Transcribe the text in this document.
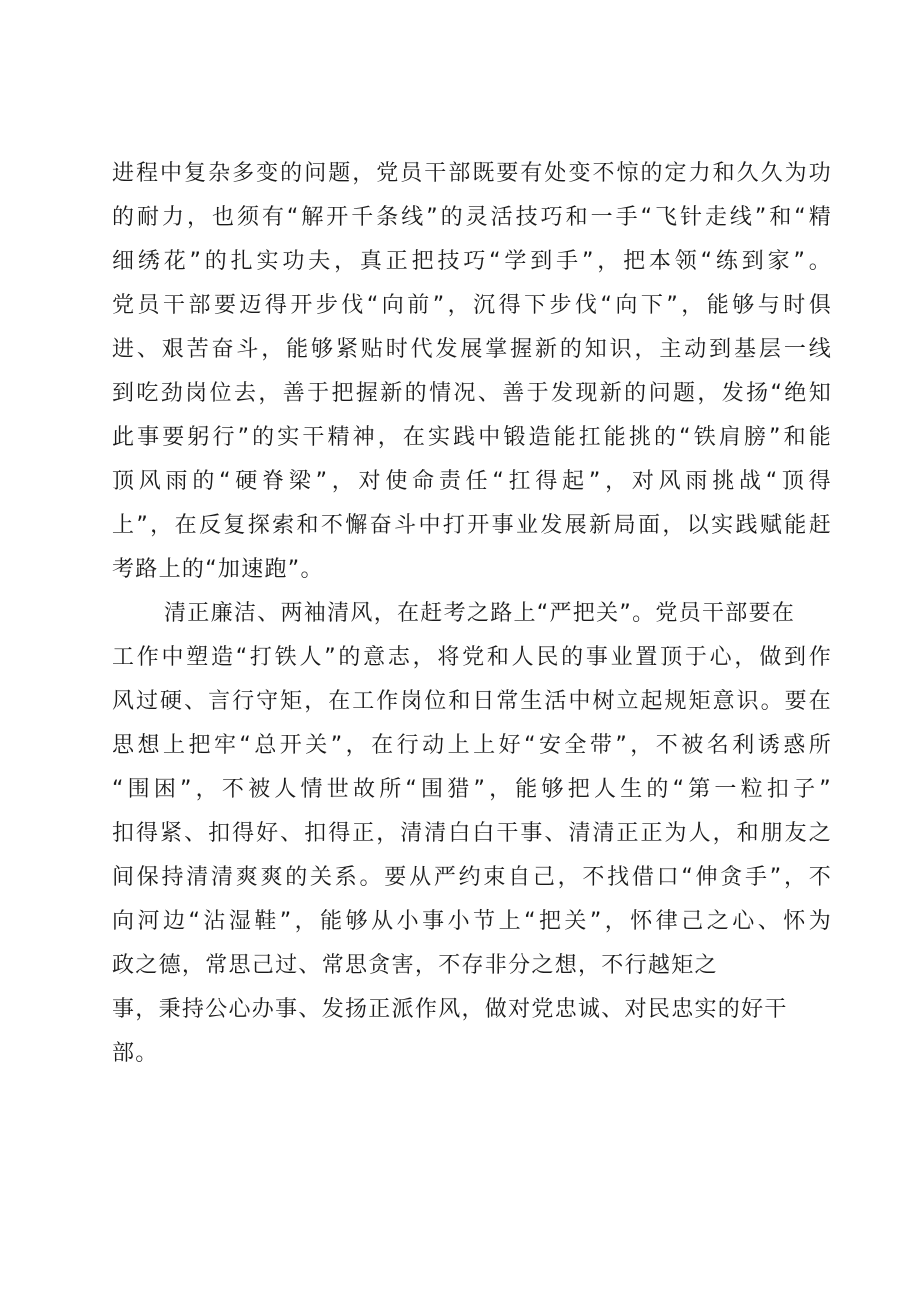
进程中复杂多变的问题，党员干部既要有处变不惊的定力和久久为功
的耐力，也须有“解开千条线”的灵活技巧和一手“飞针走线”和“精
细绣花”的扎实功夫，真正把技巧“学到手”，把本领“练到家”。
党员干部要迈得开步伐“向前”，沉得下步伐“向下”，能够与时俱
进、艰苦奋斗，能够紧贴时代发展掌握新的知识，主动到基层一线
到吃劲岗位去，善于把握新的情况、善于发现新的问题，发扬“绝知
此事要躬行”的实干精神，在实践中锻造能扛能挑的“铁肩膀”和能
顶风雨的“硬脊梁”，对使命责任“扛得起”，对风雨挑战“顶得
上”，在反复探索和不懈奋斗中打开事业发展新局面，以实践赋能赶
考路上的“加速跑”。
清正廉洁、两袖清风，在赶考之路上“严把关”。党员干部要在
工作中塑造“打铁人”的意志，将党和人民的事业置顶于心，做到作
风过硬、言行守矩，在工作岗位和日常生活中树立起规矩意识。要在
思想上把牢“总开关”，在行动上上好“安全带”，不被名利诱惑所
“围困”，不被人情世故所“围猎”，能够把人生的“第一粒扣子”
扣得紧、扣得好、扣得正，清清白白干事、清清正正为人，和朋友之
间保持清清爽爽的关系。要从严约束自己，不找借口“伸贪手”，不
向河边“沾湿鞋”，能够从小事小节上“把关”，怀律己之心、怀为
政之德，常思己过、常思贪害，不存非分之想，不行越矩之
事，秉持公心办事、发扬正派作风，做对党忠诚、对民忠实的好干
部。
